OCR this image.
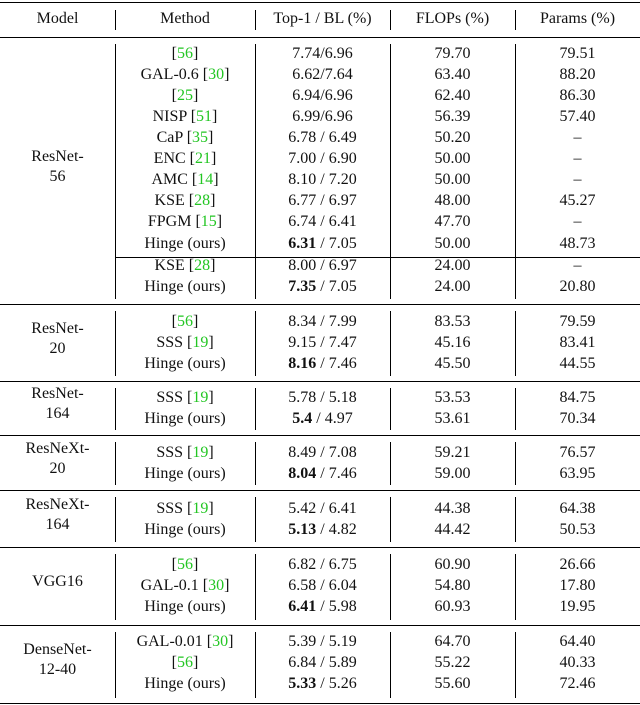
Model	Method	Top-1 / BL (%)	FLOPs (%)	Params (%)
ResNet-
56
[56]	7.74/6.96	79.70	79.51
GAL-0.6 [30]	6.62/7.64	63.40	88.20
[25]	6.94/6.96	62.40	86.30
NISP [51]	6.99/6.96	56.39	57.40
CaP [35]	6.78 / 6.49	50.20	–
ENC [21]	7.00 / 6.90	50.00	–
AMC [14]	8.10 / 7.20	50.00	–
KSE [28]	6.77 / 6.97	48.00	45.27
FPGM [15]	6.74 / 6.41	47.70	–
Hinge (ours)	6.31 / 7.05	50.00	48.73
KSE [28]	8.00 / 6.97	24.00	–
Hinge (ours)	7.35 / 7.05	24.00	20.80
ResNet-
20
[56]	8.34 / 7.99	83.53	79.59
SSS [19]	9.15 / 7.47	45.16	83.41
Hinge (ours)	8.16 / 7.46	45.50	44.55
ResNet-
164
SSS [19]	5.78 / 5.18	53.53	84.75
Hinge (ours)	5.4 / 4.97	53.61	70.34
ResNeXt-
20
SSS [19]	8.49 / 7.08	59.21	76.57
Hinge (ours)	8.04 / 7.46	59.00	63.95
ResNeXt-
164
SSS [19]	5.42 / 6.41	44.38	64.38
Hinge (ours)	5.13 / 4.82	44.42	50.53
VGG16
[56]	6.82 / 6.75	60.90	26.66
GAL-0.1 [30]	6.58 / 6.04	54.80	17.80
Hinge (ours)	6.41 / 5.98	60.93	19.95
DenseNet-
12-40
GAL-0.01 [30]	5.39 / 5.19	64.70	64.40
[56]	6.84 / 5.89	55.22	40.33
Hinge (ours)	5.33 / 5.26	55.60	72.46
